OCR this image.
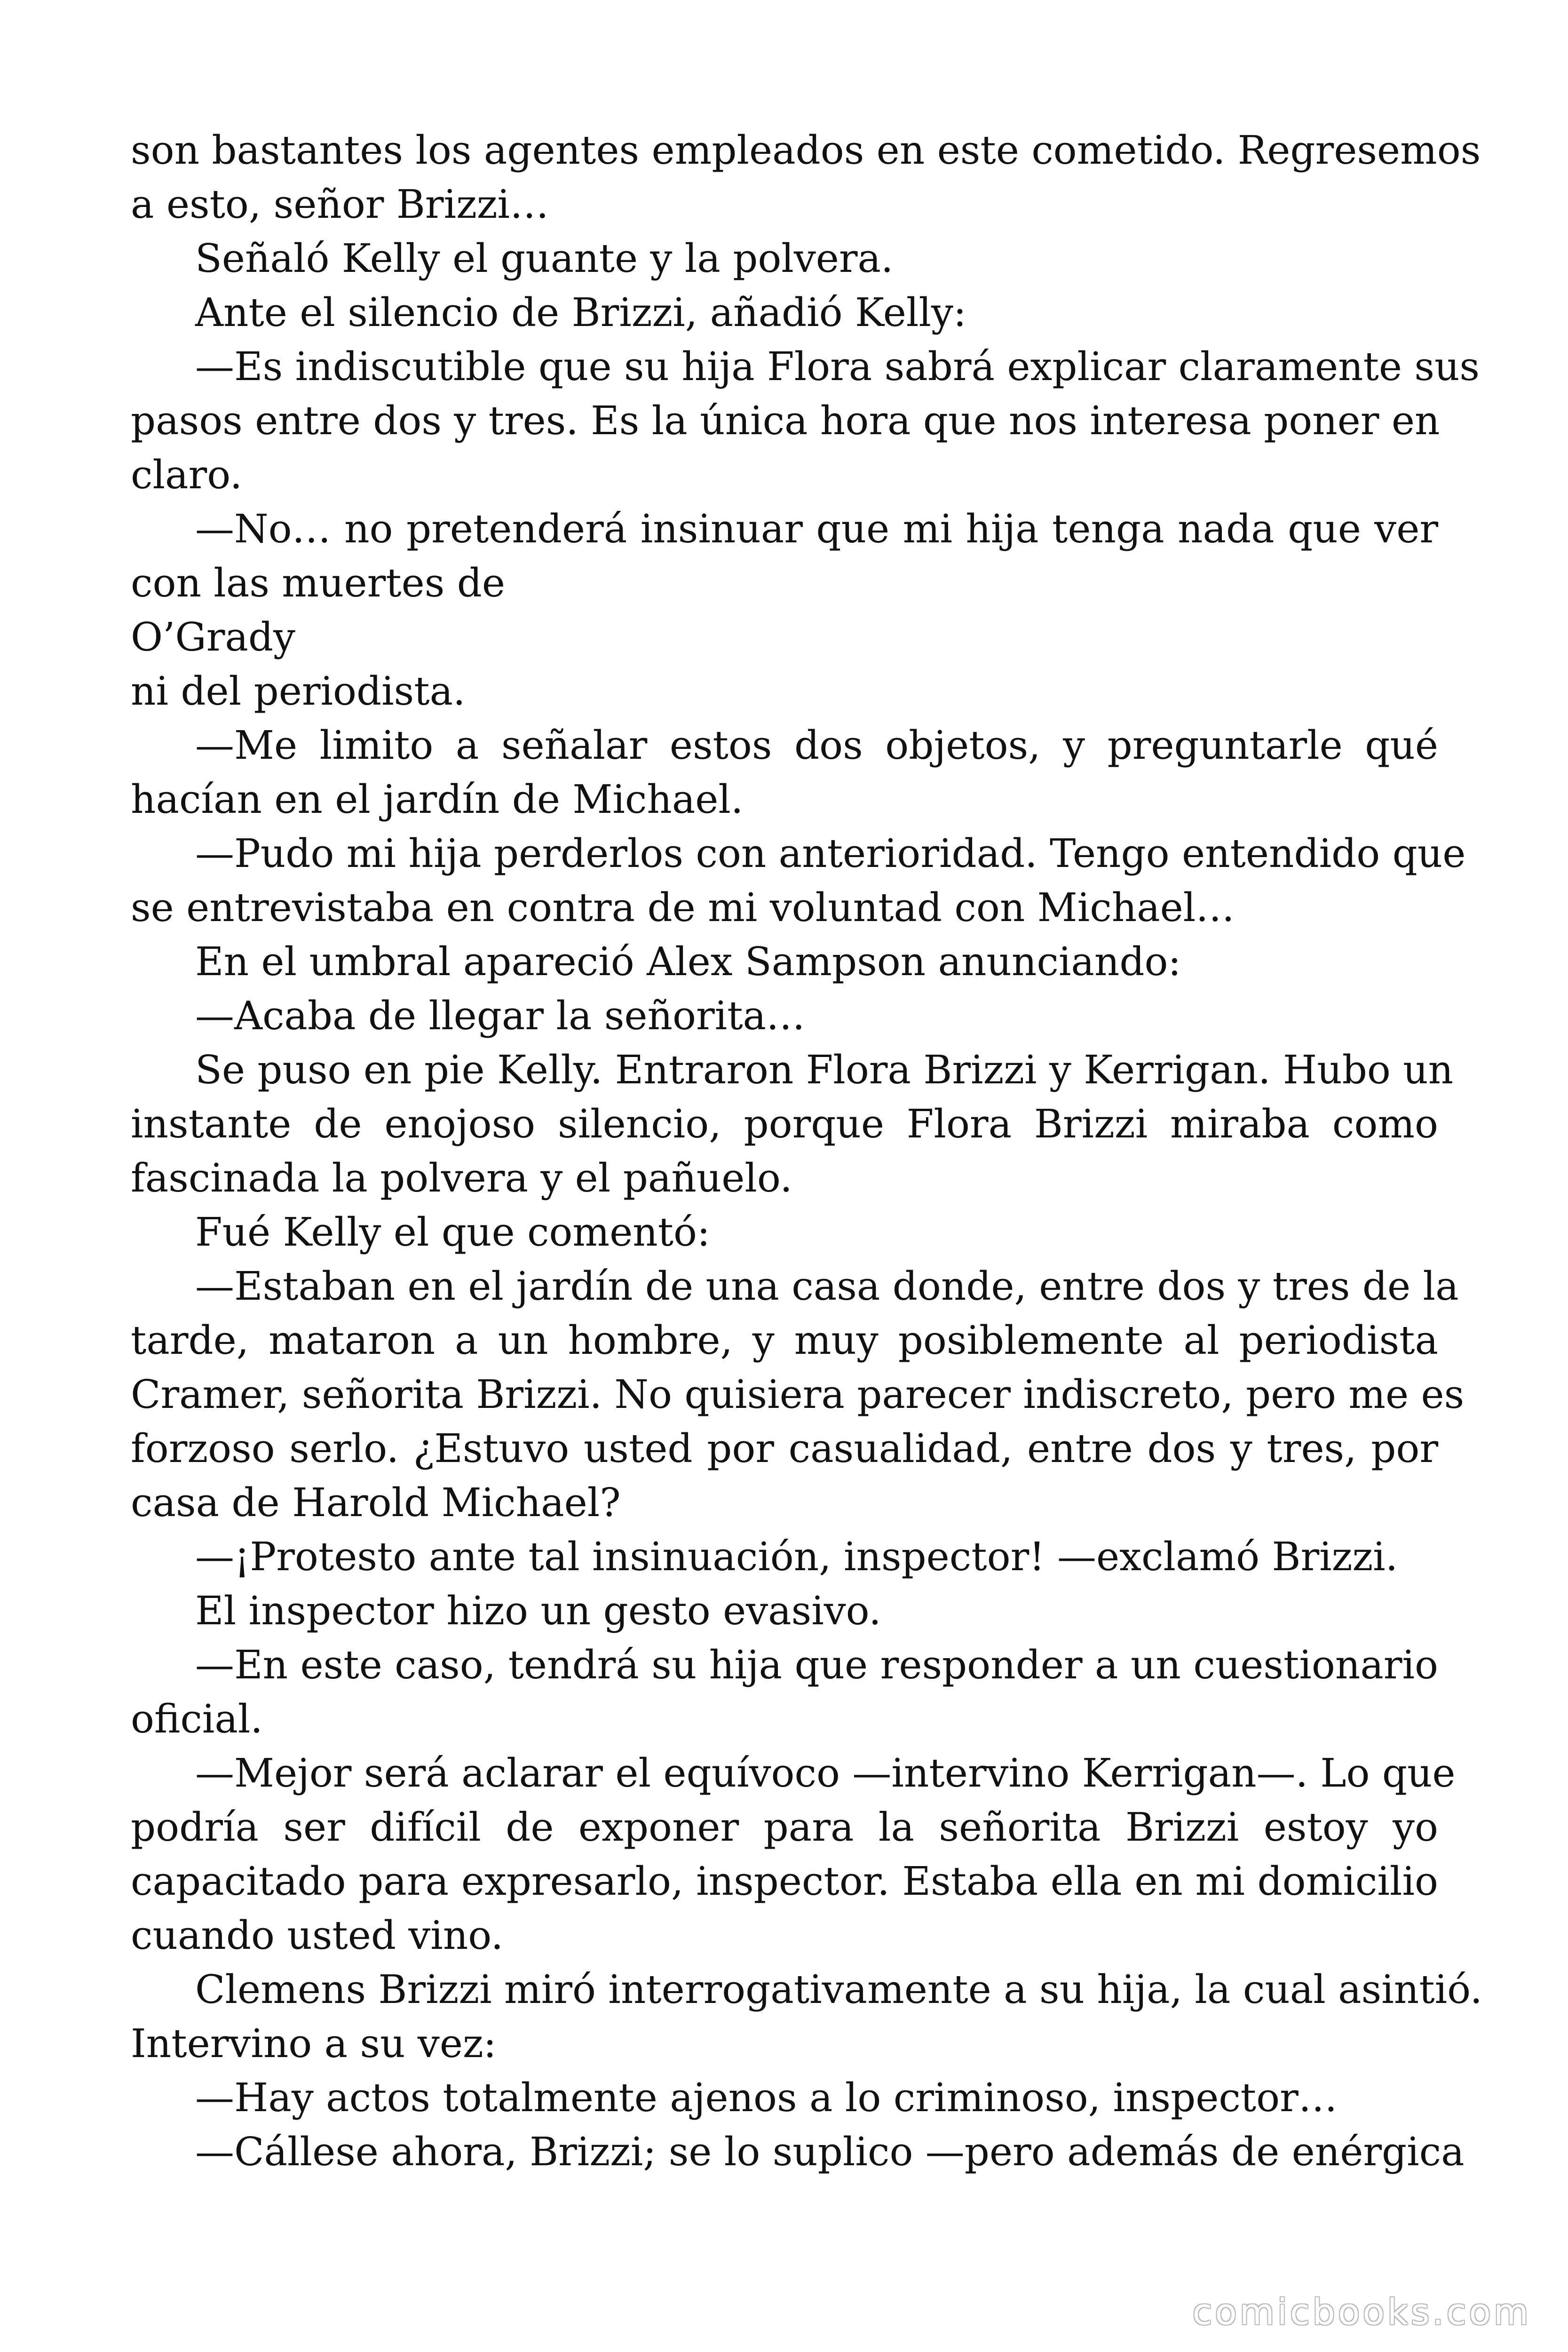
son bastantes los agentes empleados en este cometido. Regresemos

a esto, señor Brizzi…

Señaló Kelly el guante y la polvera.

Ante el silencio de Brizzi, añadió Kelly:

—Es indiscutible que su hija Flora sabrá explicar claramente sus

pasos entre dos y tres. Es la única hora que nos interesa poner en

claro.

—No… no pretenderá insinuar que mi hija tenga nada que ver

con las muertes de

O’Grady

ni del periodista.

—Me limito a señalar estos dos objetos, y preguntarle qué

hacían en el jardín de Michael.

—Pudo mi hija perderlos con anterioridad. Tengo entendido que

se entrevistaba en contra de mi voluntad con Michael…

En el umbral apareció Alex Sampson anunciando:

—Acaba de llegar la señorita…

Se puso en pie Kelly. Entraron Flora Brizzi y Kerrigan. Hubo un

instante de enojoso silencio, porque Flora Brizzi miraba como

fascinada la polvera y el pañuelo.

Fué Kelly el que comentó:

—Estaban en el jardín de una casa donde, entre dos y tres de la

tarde, mataron a un hombre, y muy posiblemente al periodista

Cramer, señorita Brizzi. No quisiera parecer indiscreto, pero me es

forzoso serlo. ¿Estuvo usted por casualidad, entre dos y tres, por

casa de Harold Michael?

—¡Protesto ante tal insinuación, inspector! —exclamó Brizzi.

El inspector hizo un gesto evasivo.

—En este caso, tendrá su hija que responder a un cuestionario

oficial.

—Mejor será aclarar el equívoco —intervino Kerrigan—. Lo que

podría ser difícil de exponer para la señorita Brizzi estoy yo

capacitado para expresarlo, inspector. Estaba ella en mi domicilio

cuando usted vino.

Clemens Brizzi miró interrogativamente a su hija, la cual asintió.

Intervino a su vez:

—Hay actos totalmente ajenos a lo criminoso, inspector…

—Cállese ahora, Brizzi; se lo suplico —pero además de enérgica

comicbooks.com
